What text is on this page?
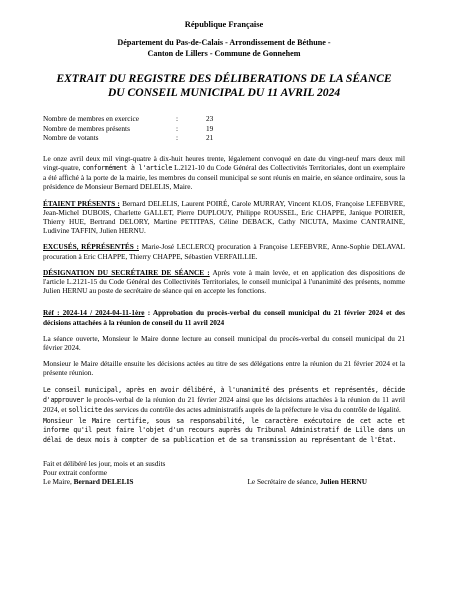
République Française
Département du Pas-de-Calais - Arrondissement de Béthune -
Canton de Lillers - Commune de Gonnehem
EXTRAIT DU REGISTRE DES DÉLIBERATIONS DE LA SÉANCE
DU CONSEIL MUNICIPAL DU 11 AVRIL 2024
Nombre de membres en exercice	:	23
Nombre de membres présents	:	19
Nombre de votants	:	21

Le onze avril deux mil vingt-quatre à dix-huit heures trente, légalement convoqué en date du vingt-neuf mars deux mil vingt-quatre, conformément à l'article L.2121-10 du Code Général des Collectivités Territoriales, dont un exemplaire a été affiché à la porte de la mairie, les membres du conseil municipal se sont réunis en mairie, en séance ordinaire, sous la présidence de Monsieur Bernard DELELIS, Maire.

ÉTAIENT PRÉSENTS : Bernard DELELIS, Laurent POIRÉ, Carole MURRAY, Vincent KLOS, Françoise LEFEBVRE, Jean-Michel DUBOIS, Charlette GALLET, Pierre DUPLOUY, Philippe ROUSSEL, Eric CHAPPE, Janique POIRIER, Thierry HUE, Bertrand DELORY, Martine PETITPAS, Céline DEBACK, Cathy NICUTA, Maxime CANTRAINE, Ludivine TAFFIN, Julien HERNU.

EXCUSÉS, RÉPRÉSENTÉS : Marie-José LECLERCQ procuration à Françoise LEFEBVRE, Anne-Sophie DELAVAL procuration à Eric CHAPPE, Thierry CHAPPE, Sébastien VERFAILLIE.

DÉSIGNATION DU SECRÉTAIRE DE SÉANCE : Après vote à main levée, et en application des dispositions de l'article L.2121-15 du Code Général des Collectivités Territoriales, le conseil municipal à l'unanimité des présents, nomme Julien HERNU au poste de secrétaire de séance qui en accepte les fonctions.

Réf : 2024-14 / 2024-04-11-1ère : Approbation du procès-verbal du conseil municipal du 21 février 2024 et des décisions attachées à la réunion de conseil du 11 avril 2024

La séance ouverte, Monsieur le Maire donne lecture au conseil municipal du procès-verbal du conseil municipal du 21 février 2024.

Monsieur le Maire détaille ensuite les décisions actées au titre de ses délégations entre la réunion du 21 février 2024 et la présente réunion.

Le conseil municipal, après en avoir délibéré, à l'unanimité des présents et représentés, décide d'approuver le procès-verbal de la réunion du 21 février 2024 ainsi que les décisions attachées à la réunion du 11 avril 2024, et sollicite des services du contrôle des actes administratifs auprès de la préfecture le visa du contrôle de légalité.

Monsieur le Maire certifie, sous sa responsabilité, le caractère exécutoire de cet acte et informe qu'il peut faire l'objet d'un recours auprès du Tribunal Administratif de Lille dans un délai de deux mois à compter de sa publication et de sa transmission au représentant de l'État.

Fait et délibéré les jour, mois et an susdits
Pour extrait conforme
Le Maire, Bernard DELELIS	Le Secrétaire de séance, Julien HERNU
